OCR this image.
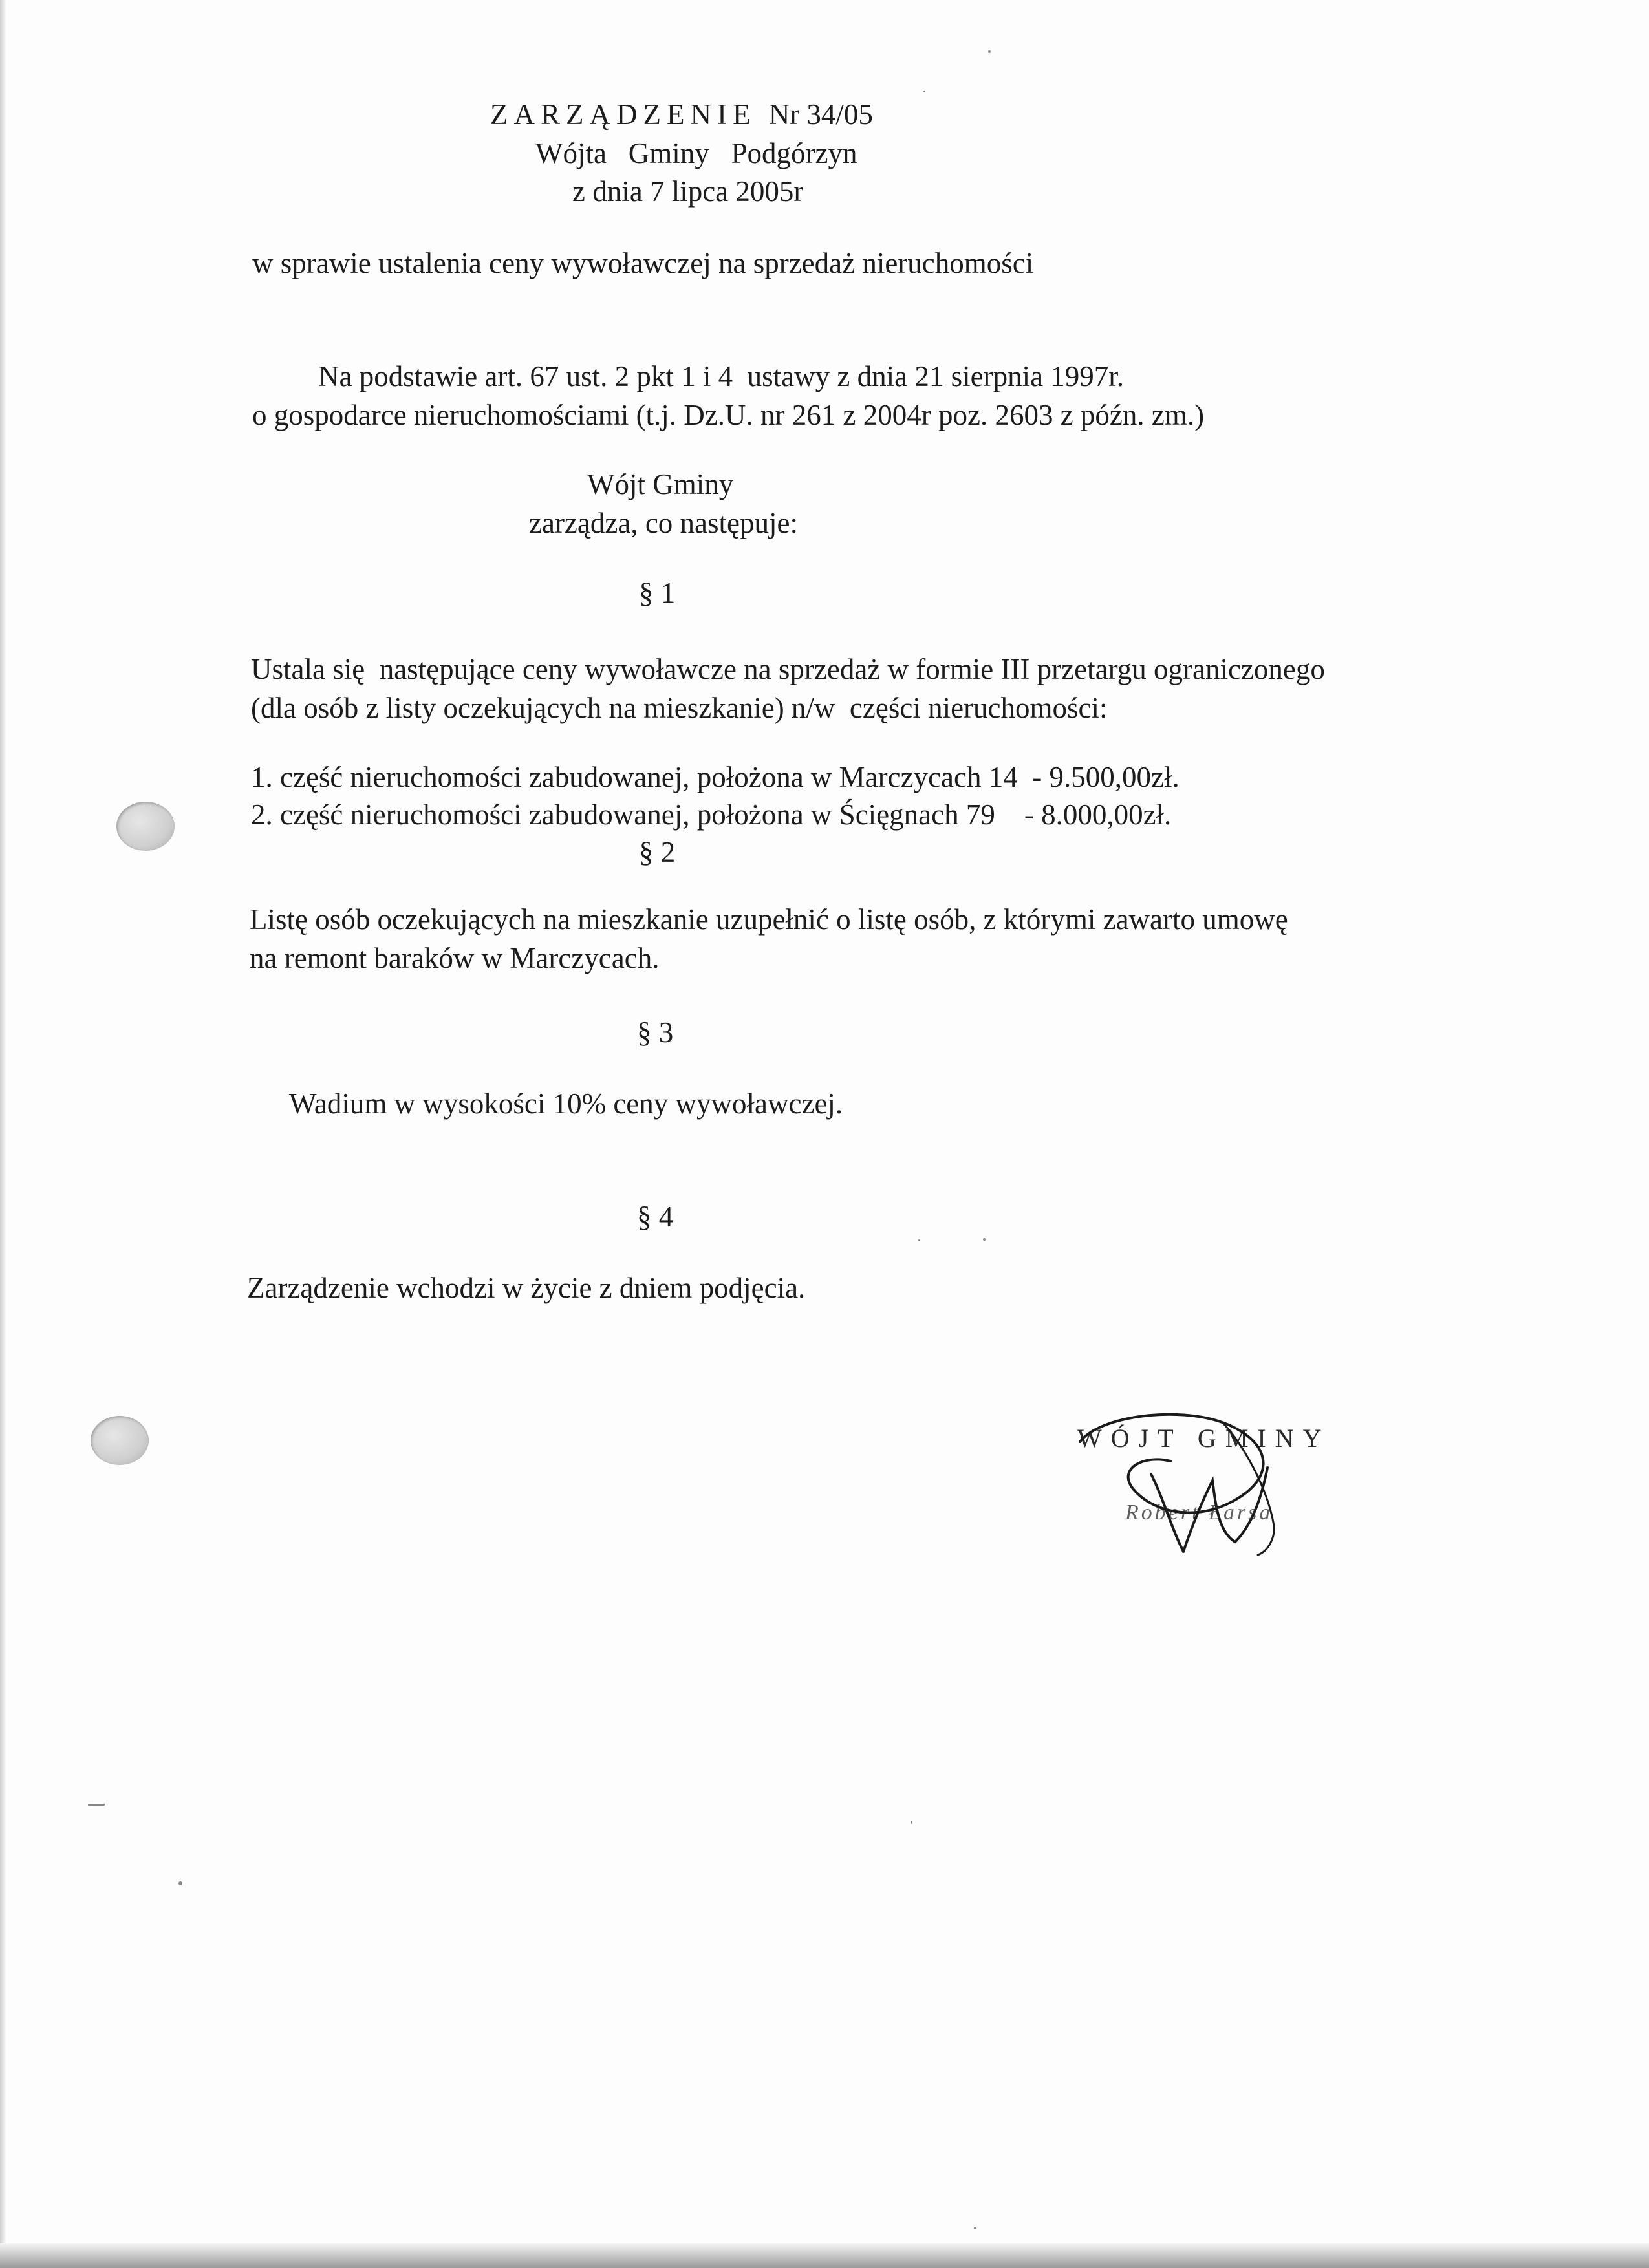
ZARZĄDZENIE Nr 34/05
Wójta   Gminy   Podgórzyn
z dnia 7 lipca 2005r
w sprawie ustalenia ceny wywoławczej na sprzedaż nieruchomości
Na podstawie art. 67 ust. 2 pkt 1 i 4  ustawy z dnia 21 sierpnia 1997r.
o gospodarce nieruchomościami (t.j. Dz.U. nr 261 z 2004r poz. 2603 z późn. zm.)
Wójt Gminy
zarządza, co następuje:
§ 1
Ustala się  następujące ceny wywoławcze na sprzedaż w formie III przetargu ograniczonego
(dla osób z listy oczekujących na mieszkanie) n/w  części nieruchomości:
1. część nieruchomości zabudowanej, położona w Marczycach 14  - 9.500,00zł.
2. część nieruchomości zabudowanej, położona w Ścięgnach 79    - 8.000,00zł.
§ 2
Listę osób oczekujących na mieszkanie uzupełnić o listę osób, z którymi zawarto umowę
na remont baraków w Marczycach.
§ 3
Wadium w wysokości 10% ceny wywoławczej.
§ 4
Zarządzenie wchodzi w życie z dniem podjęcia.
WÓJT GMINY
Robert Łarsa
